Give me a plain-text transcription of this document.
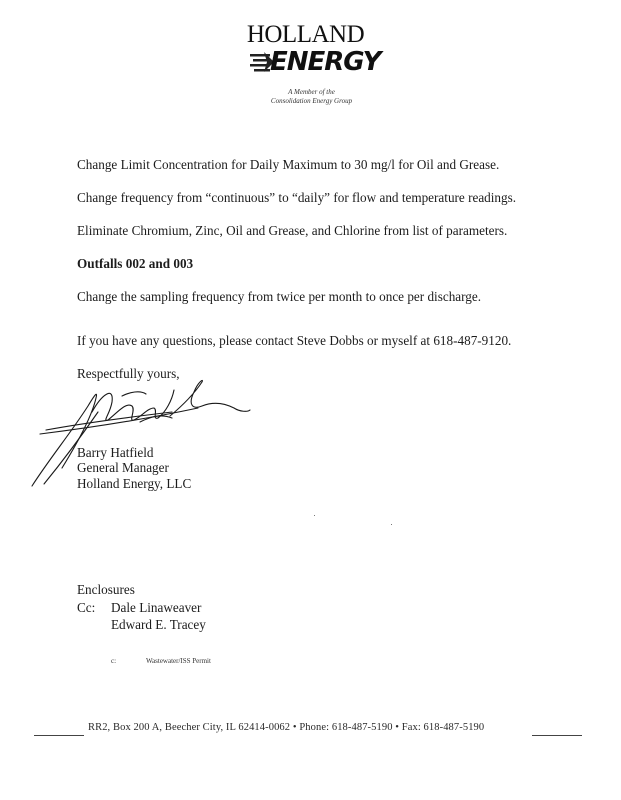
HOLLAND
ENERGY
A Member of the
Consolidation Energy Group
Change Limit Concentration for Daily Maximum to 30 mg/l for Oil and Grease.
Change frequency from “continuous” to “daily” for flow and temperature readings.
Eliminate Chromium, Zinc, Oil and Grease, and Chlorine from list of parameters.
Outfalls 002 and 003
Change the sampling frequency from twice per month to once per discharge.
If you have any questions, please contact Steve Dobbs or myself at 618-487-9120.
Respectfully yours,
Barry Hatfield
General Manager
Holland Energy, LLC
Enclosures
Cc: Dale Linaweaver
Edward E. Tracey
c:	Wastewater/ISS Permit
RR2, Box 200 A, Beecher City, IL 62414-0062 • Phone: 618-487-5190 • Fax: 618-487-5190
